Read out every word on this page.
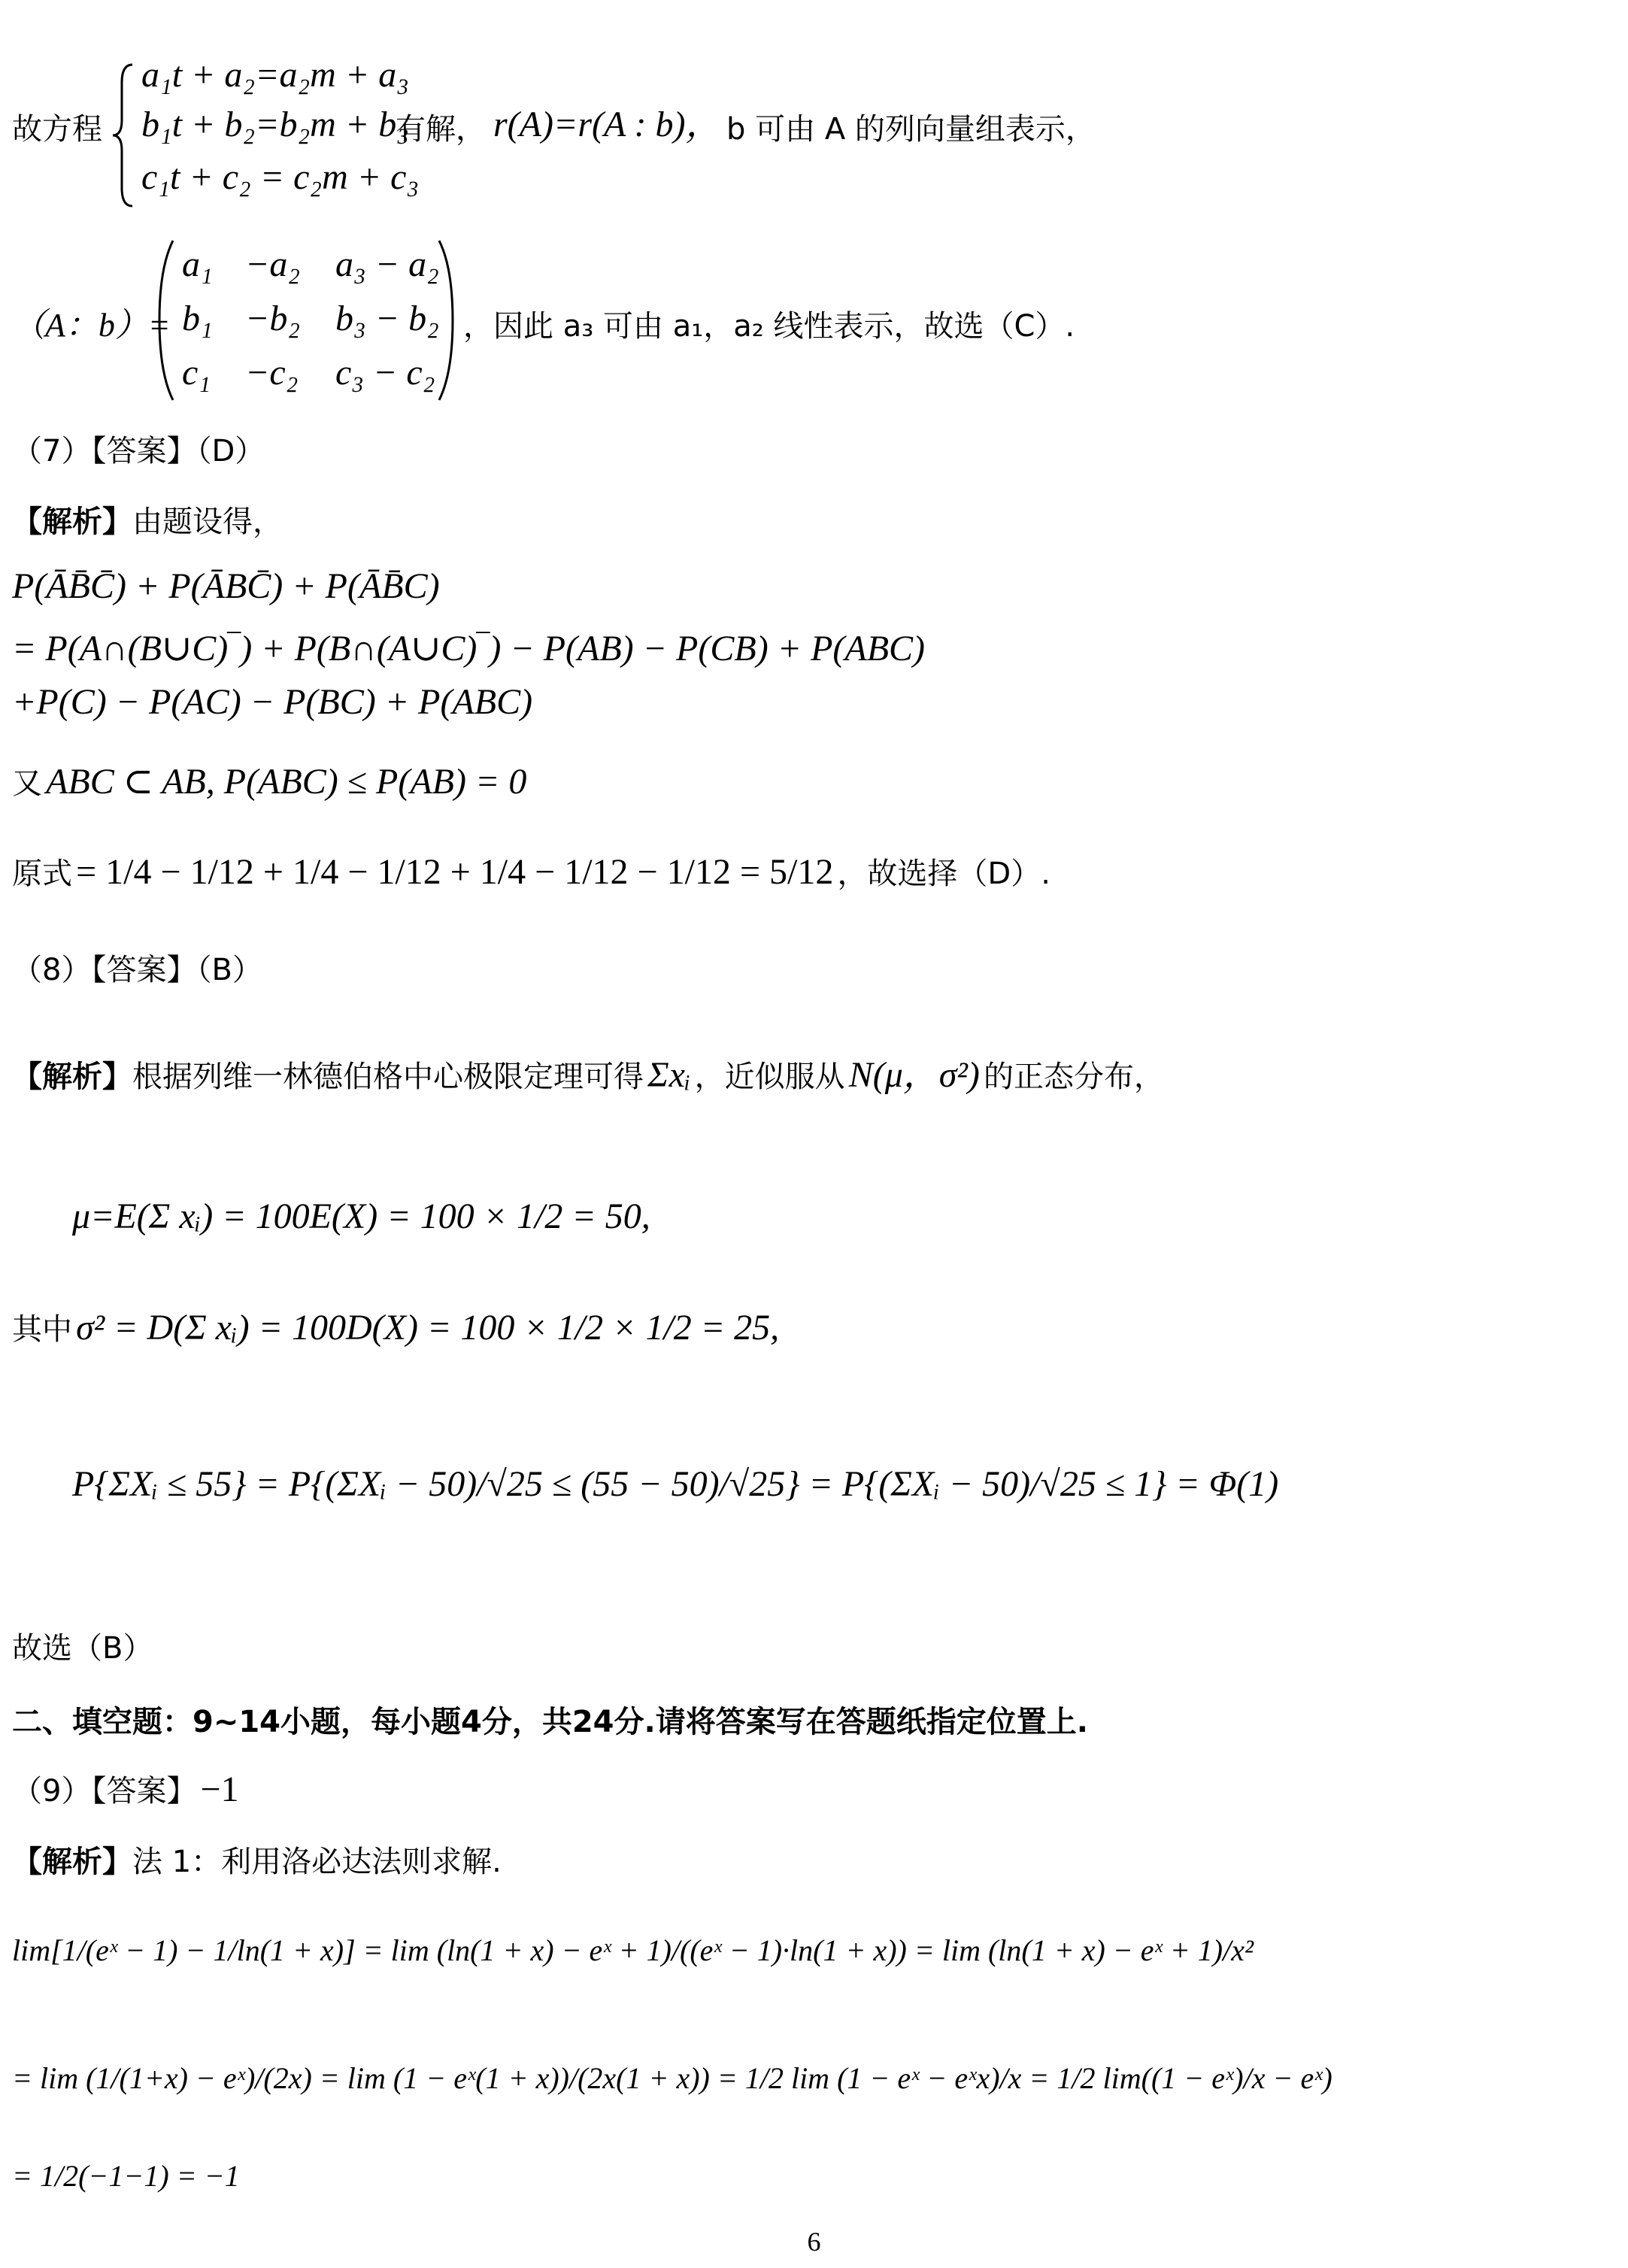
故方程
a₁t + a₂=a₂m + a₃
b₁t + b₂=b₂m + b₃
c₁t + c₂ = c₂m + c₃
有解， r(A)=r(A : b)， b 可由 A 的列向量组表示，
（A：b）=
a₁ −a₂ a₃ − a₂
b₁ −b₂ b₃ − b₂
c₁ −c₂ c₃ − c₂
，因此 a₃ 可由 a₁，a₂ 线性表示，故选（C）.
（7）【答案】（D）
【解析】由题设得，
P(ĀB̄C̄) + P(ĀBC̄) + P(ĀB̄C)
= P(A∩(B∪C)‾) + P(B∩(A∪C)‾) − P(AB) − P(CB) + P(ABC)
+P(C) − P(AC) − P(BC) + P(ABC)
又 ABC ⊂ AB, P(ABC) ≤ P(AB) = 0
原式 = 1/4 − 1/12 + 1/4 − 1/12 + 1/4 − 1/12 − 1/12 = 5/12 ，故选择（D）.
（8）【答案】（B）
【解析】根据列维一林德伯格中心极限定理可得 Σxᵢ ，近似服从 N(μ，σ²) 的正态分布，
μ=E(Σ xᵢ) = 100E(X) = 100 × 1/2 = 50,
其中 σ² = D(Σ xᵢ) = 100D(X) = 100 × 1/2 × 1/2 = 25,
P{ΣXᵢ ≤ 55} = P{(ΣXᵢ − 50)/√25 ≤ (55 − 50)/√25} = P{(ΣXᵢ − 50)/√25 ≤ 1} = Φ(1)
故选（B）
二、填空题：9~14小题，每小题4分，共24分.请将答案写在答题纸指定位置上.
（9）【答案】 −1
【解析】法 1：利用洛必达法则求解.
lim[1/(eˣ − 1) − 1/ln(1 + x)] = lim (ln(1 + x) − eˣ + 1)/((eˣ − 1)·ln(1 + x)) = lim (ln(1 + x) − eˣ + 1)/x²
= lim (1/(1+x) − eˣ)/(2x) = lim (1 − eˣ(1 + x))/(2x(1 + x)) = 1/2 lim (1 − eˣ − eˣx)/x = 1/2 lim((1 − eˣ)/x − eˣ)
= 1/2(−1−1) = −1
6
